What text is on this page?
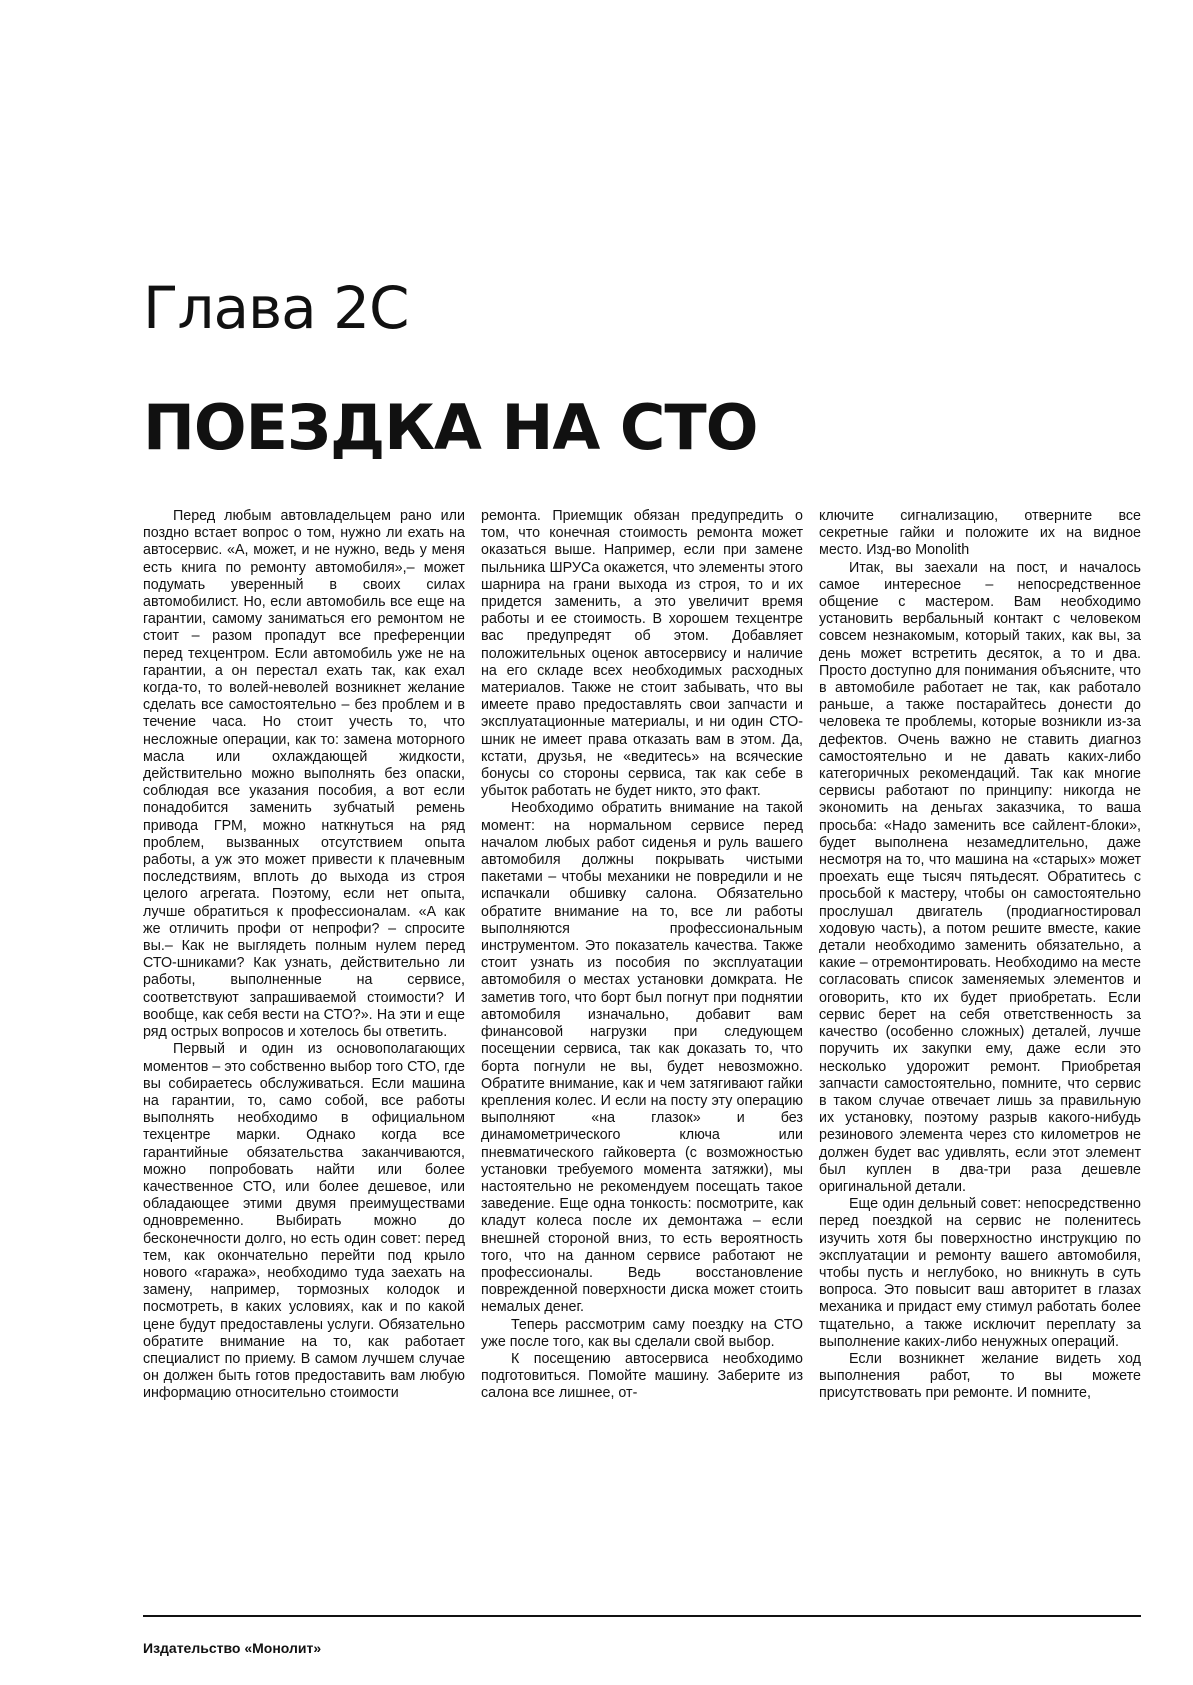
Глава 2С
ПОЕЗДКА НА СТО

Перед любым автовладельцем рано или поздно встает вопрос о том, нужно ли ехать на автосервис. «А, может, и не нужно, ведь у меня есть книга по ремонту автомобиля»,– может подумать уверенный в своих силах автомобилист. Но, если автомобиль все еще на гарантии, самому заниматься его ремонтом не стоит – разом пропадут все преференции перед техцентром. Если автомобиль уже не на гарантии, а он перестал ехать так, как ехал когда-то, то волей-неволей возникнет желание сделать все самостоятельно – без проблем и в течение часа. Но стоит учесть то, что несложные операции, как то: замена моторного масла или охлаждающей жидкости, действительно можно выполнять без опаски, соблюдая все указания пособия, а вот если понадобится заменить зубчатый ремень привода ГРМ, можно наткнуться на ряд проблем, вызванных отсутствием опыта работы, а уж это может привести к плачевным последствиям, вплоть до выхода из строя целого агрегата. Поэтому, если нет опыта, лучше обратиться к профессионалам. «А как же отличить профи от непрофи? – спросите вы.– Как не выглядеть полным нулем перед СТО-шниками? Как узнать, действительно ли работы, выполненные на сервисе, соответствуют запрашиваемой стоимости? И вообще, как себя вести на СТО?». На эти и еще ряд острых вопросов и хотелось бы ответить.

Первый и один из основополагающих моментов – это собственно выбор того СТО, где вы собираетесь обслуживаться. Если машина на гарантии, то, само собой, все работы выполнять необходимо в официальном техцентре марки. Однако когда все гарантийные обязательства заканчиваются, можно попробовать найти или более качественное СТО, или более дешевое, или обладающее этими двумя преимуществами одновременно. Выбирать можно до бесконечности долго, но есть один совет: перед тем, как окончательно перейти под крыло нового «гаража», необходимо туда заехать на замену, например, тормозных колодок и посмотреть, в каких условиях, как и по какой цене будут предоставлены услуги. Обязательно обратите внимание на то, как работает специалист по приему. В самом лучшем случае он должен быть готов предоставить вам любую информацию относительно стоимости

ремонта. Приемщик обязан предупредить о том, что конечная стоимость ремонта может оказаться выше. Например, если при замене пыльника ШРУСа окажется, что элементы этого шарнира на грани выхода из строя, то и их придется заменить, а это увеличит время работы и ее стоимость. В хорошем техцентре вас предупредят об этом. Добавляет положительных оценок автосервису и наличие на его складе всех необходимых расходных материалов. Также не стоит забывать, что вы имеете право предоставлять свои запчасти и эксплуатационные материалы, и ни один СТО-шник не имеет права отказать вам в этом. Да, кстати, друзья, не «ведитесь» на всяческие бонусы со стороны сервиса, так как себе в убыток работать не будет никто, это факт.

Необходимо обратить внимание на такой момент: на нормальном сервисе перед началом любых работ сиденья и руль вашего автомобиля должны покрывать чистыми пакетами – чтобы механики не повредили и не испачкали обшивку салона. Обязательно обратите внимание на то, все ли работы выполняются профессиональным инструментом. Это показатель качества. Также стоит узнать из пособия по эксплуатации автомобиля о местах установки домкрата. Не заметив того, что борт был погнут при поднятии автомобиля изначально, добавит вам финансовой нагрузки при следующем посещении сервиса, так как доказать то, что борта погнули не вы, будет невозможно. Обратите внимание, как и чем затягивают гайки крепления колес. И если на посту эту операцию выполняют «на глазок» и без динамометрического ключа или пневматического гайковерта (с возможностью установки требуемого момента затяжки), мы настоятельно не рекомендуем посещать такое заведение. Еще одна тонкость: посмотрите, как кладут колеса после их демонтажа – если внешней стороной вниз, то есть вероятность того, что на данном сервисе работают не профессионалы. Ведь восстановление поврежденной поверхности диска может стоить немалых денег.

Теперь рассмотрим саму поездку на СТО уже после того, как вы сделали свой выбор.

К посещению автосервиса необходимо подготовиться. Помойте машину. Заберите из салона все лишнее, от-

ключите сигнализацию, отверните все секретные гайки и положите их на видное место. Изд-во Monolith

Итак, вы заехали на пост, и началось самое интересное – непосредственное общение с мастером. Вам необходимо установить вербальный контакт с человеком совсем незнакомым, который таких, как вы, за день может встретить десяток, а то и два. Просто доступно для понимания объясните, что в автомобиле работает не так, как работало раньше, а также постарайтесь донести до человека те проблемы, которые возникли из-за дефектов. Очень важно не ставить диагноз самостоятельно и не давать каких-либо категоричных рекомендаций. Так как многие сервисы работают по принципу: никогда не экономить на деньгах заказчика, то ваша просьба: «Надо заменить все сайлент-блоки», будет выполнена незамедлительно, даже несмотря на то, что машина на «старых» может проехать еще тысяч пятьдесят. Обратитесь с просьбой к мастеру, чтобы он самостоятельно прослушал двигатель (продиагностировал ходовую часть), а потом решите вместе, какие детали необходимо заменить обязательно, а какие – отремонтировать. Необходимо на месте согласовать список заменяемых элементов и оговорить, кто их будет приобретать. Если сервис берет на себя ответственность за качество (особенно сложных) деталей, лучше поручить их закупки ему, даже если это несколько удорожит ремонт. Приобретая запчасти самостоятельно, помните, что сервис в таком случае отвечает лишь за правильную их установку, поэтому разрыв какого-нибудь резинового элемента через сто километров не должен будет вас удивлять, если этот элемент был куплен в два-три раза дешевле оригинальной детали.

Еще один дельный совет: непосредственно перед поездкой на сервис не поленитесь изучить хотя бы поверхностно инструкцию по эксплуатации и ремонту вашего автомобиля, чтобы пусть и неглубоко, но вникнуть в суть вопроса. Это повысит ваш авторитет в глазах механика и придаст ему стимул работать более тщательно, а также исключит переплату за выполнение каких-либо ненужных операций.

Если возникнет желание видеть ход выполнения работ, то вы можете присутствовать при ремонте. И помните,

Издательство «Монолит»
